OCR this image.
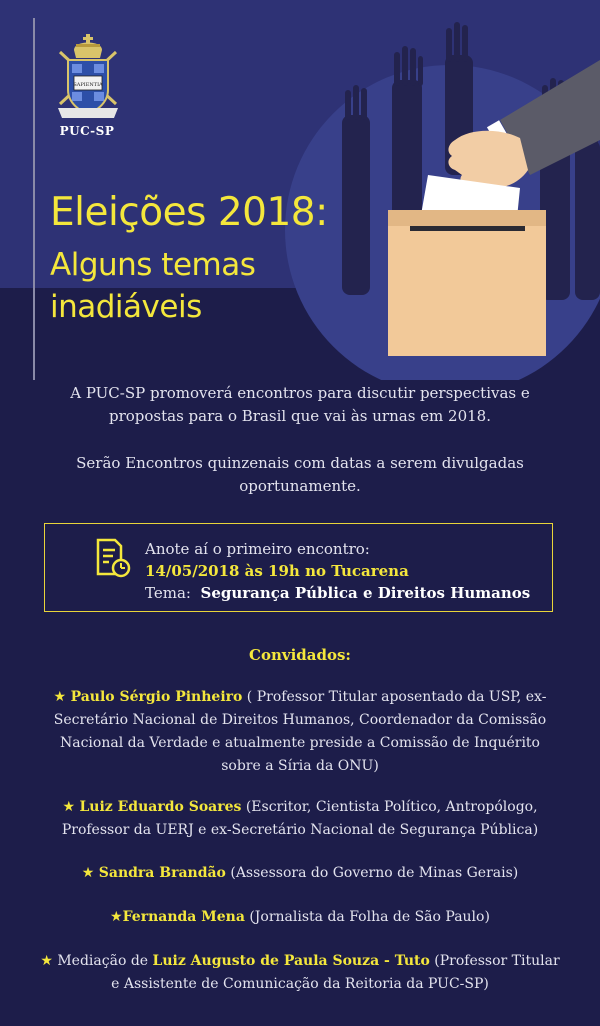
SAPIENTIA
PUC-SP
Eleições 2018:
Alguns temas inadiáveis

A PUC-SP promoverá encontros para discutir perspectivas e propostas para o Brasil que vai às urnas em 2018.

Serão Encontros quinzenais com datas a serem divulgadas oportunamente.

Anote aí o primeiro encontro:
14/05/2018 às 19h no Tucarena
Tema: Segurança Pública e Direitos Humanos
Convidados:
★ Paulo Sérgio Pinheiro ( Professor Titular aposentado da USP, ex-Secretário Nacional de Direitos Humanos, Coordenador da Comissão Nacional da Verdade e atualmente preside a Comissão de Inquérito sobre a Síria da ONU)
★ Luiz Eduardo Soares (Escritor, Cientista Político, Antropólogo, Professor da UERJ e ex-Secretário Nacional de Segurança Pública)
★ Sandra Brandão (Assessora do Governo de Minas Gerais)
★Fernanda Mena (Jornalista da Folha de São Paulo)
★ Mediação de Luiz Augusto de Paula Souza - Tuto (Professor Titular e Assistente de Comunicação da Reitoria da PUC-SP)
